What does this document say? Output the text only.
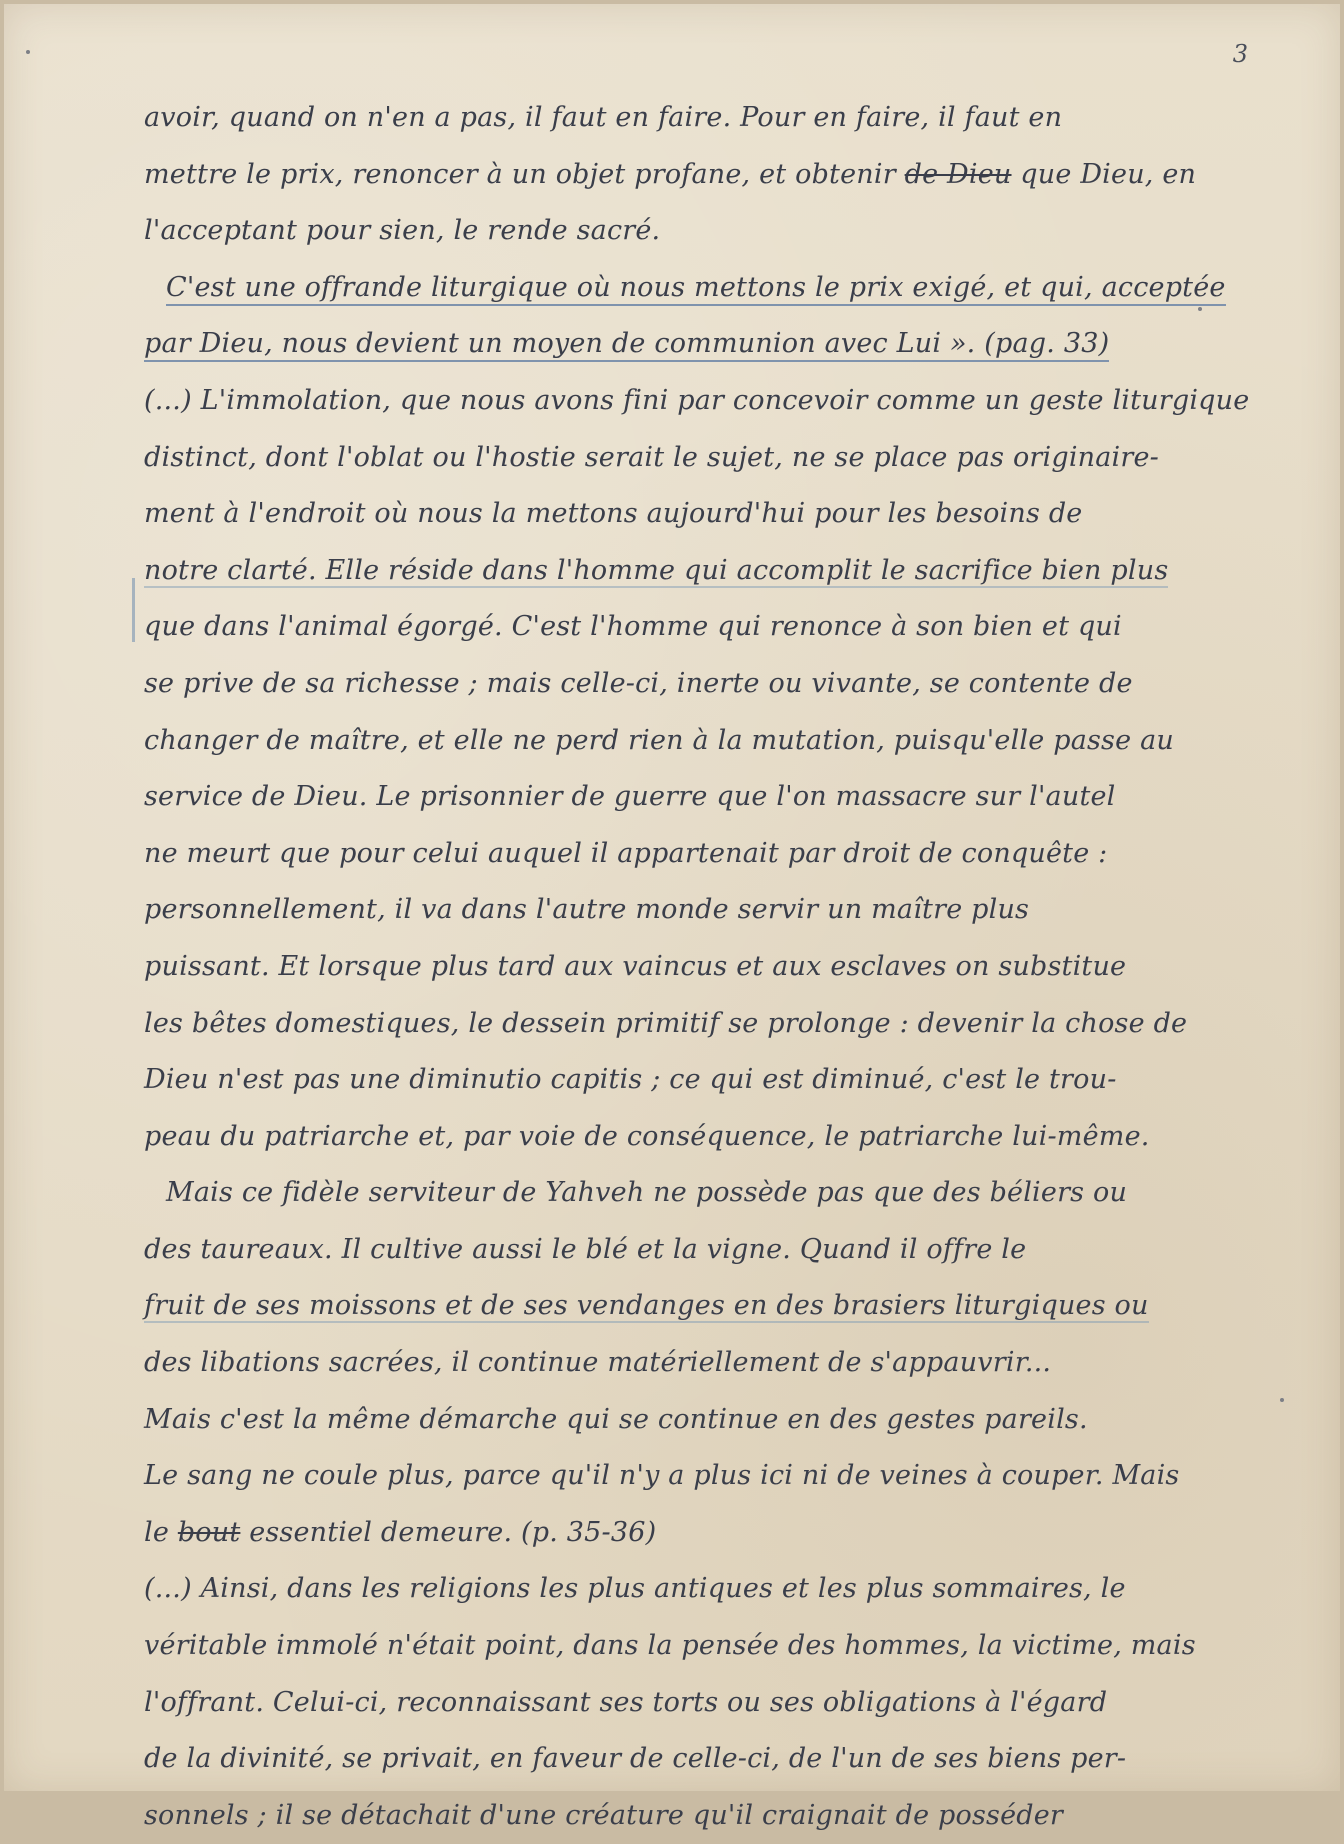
3
avoir, quand on n'en a pas, il faut en faire. Pour en faire, il faut en
mettre le prix, renoncer à un objet profane, et obtenir de Dieu que Dieu, en
l'acceptant pour sien, le rende sacré.
C'est une offrande liturgique où nous mettons le prix exigé, et qui, acceptée
par Dieu, nous devient un moyen de communion avec Lui ». (pag. 33)
(...) L'immolation, que nous avons fini par concevoir comme un geste liturgique
distinct, dont l'oblat ou l'hostie serait le sujet, ne se place pas originaire-
ment à l'endroit où nous la mettons aujourd'hui pour les besoins de
notre clarté. Elle réside dans l'homme qui accomplit le sacrifice bien plus
que dans l'animal égorgé. C'est l'homme qui renonce à son bien et qui
se prive de sa richesse ; mais celle-ci, inerte ou vivante, se contente de
changer de maître, et elle ne perd rien à la mutation, puisqu'elle passe au
service de Dieu. Le prisonnier de guerre que l'on massacre sur l'autel
ne meurt que pour celui auquel il appartenait par droit de conquête :
personnellement, il va dans l'autre monde servir un maître plus
puissant. Et lorsque plus tard aux vaincus et aux esclaves on substitue
les bêtes domestiques, le dessein primitif se prolonge : devenir la chose de
Dieu n'est pas une diminutio capitis ; ce qui est diminué, c'est le trou-
peau du patriarche et, par voie de conséquence, le patriarche lui-même.
Mais ce fidèle serviteur de Yahveh ne possède pas que des béliers ou
des taureaux. Il cultive aussi le blé et la vigne. Quand il offre le
fruit de ses moissons et de ses vendanges en des brasiers liturgiques ou
des libations sacrées, il continue matériellement de s'appauvrir...
Mais c'est la même démarche qui se continue en des gestes pareils.
Le sang ne coule plus, parce qu'il n'y a plus ici ni de veines à couper. Mais
le bout essentiel demeure. (p. 35-36)
(...) Ainsi, dans les religions les plus antiques et les plus sommaires, le
véritable immolé n'était point, dans la pensée des hommes, la victime, mais
l'offrant. Celui-ci, reconnaissant ses torts ou ses obligations à l'égard
de la divinité, se privait, en faveur de celle-ci, de l'un de ses biens per-
sonnels ; il se détachait d'une créature qu'il craignait de posséder
